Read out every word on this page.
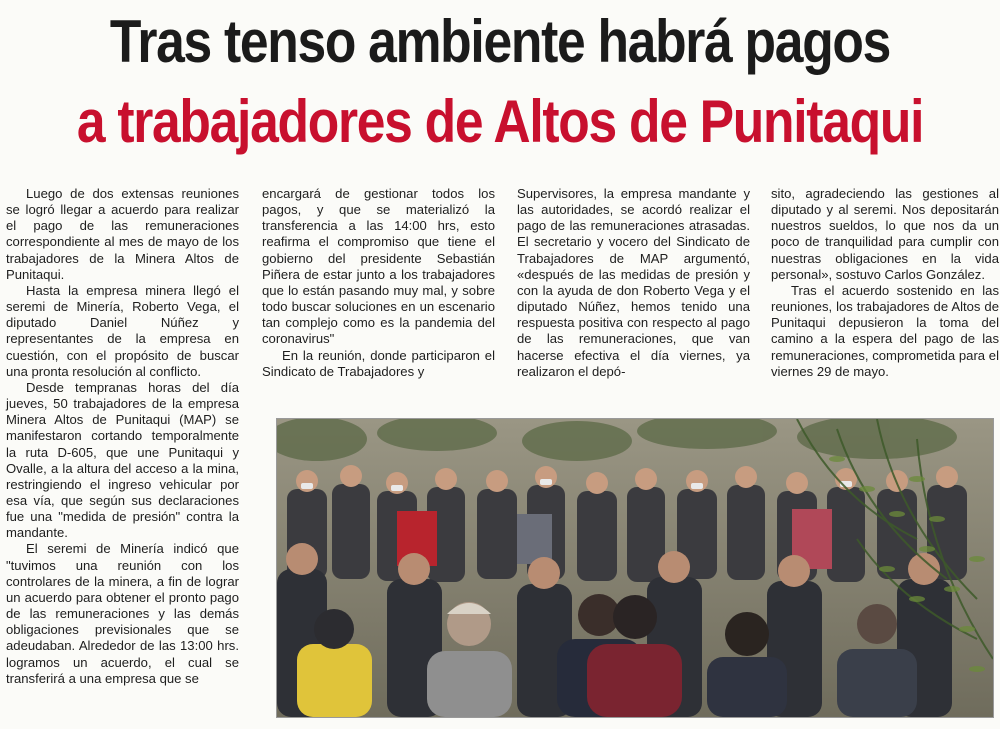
Tras tenso ambiente habrá pagos
a trabajadores de Altos de Punitaqui

Luego de dos extensas reuniones se logró llegar a acuerdo para realizar el pago de las remuneraciones correspondiente al mes de mayo de los trabajadores de la Minera Altos de Punitaqui.

Hasta la empresa minera llegó el seremi de Minería, Roberto Vega, el diputado Daniel Núñez y representantes de la empresa en cuestión, con el propósito de buscar una pronta resolución al conflicto.

Desde tempranas horas del día jueves, 50 trabajadores de la empresa Minera Altos de Punitaqui (MAP) se manifestaron cortando temporalmente la ruta D-605, que une Punitaqui y Ovalle, a la altura del acceso a la mina, restringiendo el ingreso vehicular por esa vía, que según sus declaraciones fue una "medida de presión" contra la mandante.

El seremi de Minería indicó que "tuvimos una reunión con los controlares de la minera, a fin de lograr un acuerdo para obtener el pronto pago de las remuneraciones y las demás obligaciones previsionales que se adeudaban. Alrededor de las 13:00 hrs. logramos un acuerdo, el cual se transferirá a una empresa que se

encargará de gestionar todos los pagos, y que se materializó la transferencia a las 14:00 hrs, esto reafirma el compromiso que tiene el gobierno del presidente Sebastián Piñera de estar junto a los trabajadores que lo están pasando muy mal, y sobre todo buscar soluciones en un escenario tan complejo como es la pandemia del coronavirus"

En la reunión, donde participaron el Sindicato de Trabajadores y

Supervisores, la empresa mandante y las autoridades, se acordó realizar el pago de las remuneraciones atrasadas. El secretario y vocero del Sindicato de Trabajadores de MAP argumentó, «después de las medidas de presión y con la ayuda de don Roberto Vega y el diputado Núñez, hemos tenido una respuesta positiva con respecto al pago de las remuneraciones, que van hacerse efectiva el día viernes, ya realizaron el depó-

sito, agradeciendo las gestiones al diputado y al seremi. Nos depositarán nuestros sueldos, lo que nos da un poco de tranquilidad para cumplir con nuestras obligaciones en la vida personal», sostuvo Carlos González.

Tras el acuerdo sostenido en las reuniones, los trabajadores de Altos de Punitaqui depusieron la toma del camino a la espera del pago de las remuneraciones, comprometida para el viernes 29 de mayo.
